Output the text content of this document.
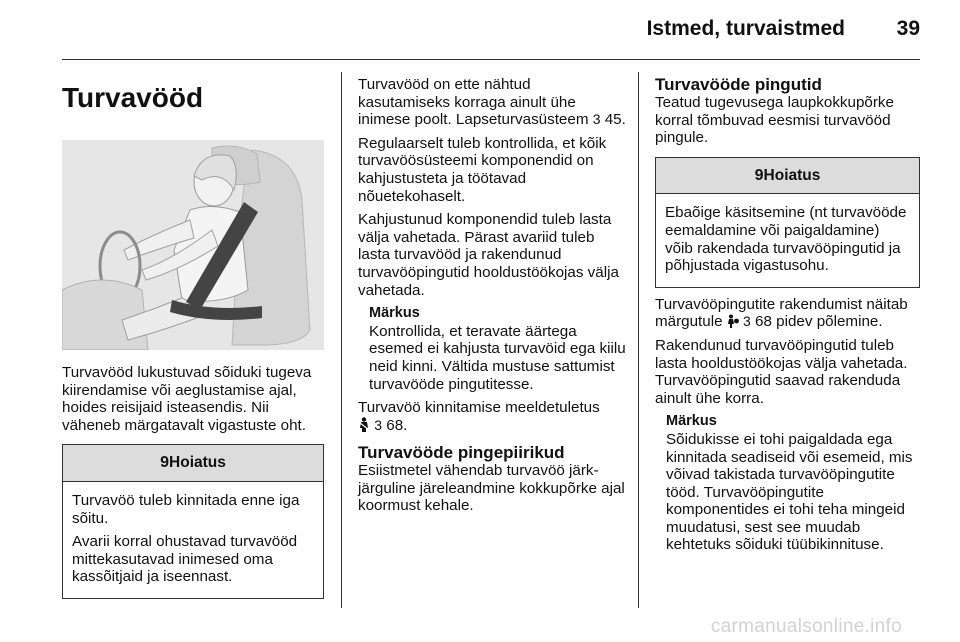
Istmed, turvaistmed 39
Turvavööd

Turvavööd lukustuvad sõiduki tugeva kiirendamise või aeglustamise ajal, hoides reisijaid isteasendis. Nii väheneb märgatavalt vigastuste oht.

9Hoiatus

Turvavöö tuleb kinnitada enne iga sõitu.

Avarii korral ohustavad turvavööd mittekasutavad inimesed oma kassõitjaid ja iseennast.

Turvavööd on ette nähtud kasutamiseks korraga ainult ühe inimese poolt. Lapseturvasüsteem 3 45.

Regulaarselt tuleb kontrollida, et kõik turvavöösüsteemi komponendid on kahjustusteta ja töötavad nõuetekohaselt.

Kahjustunud komponendid tuleb lasta välja vahetada. Pärast avariid tuleb lasta turvavööd ja rakendunud turvavööpingutid hooldustöökojas välja vahetada.

Märkus
Kontrollida, et teravate äärtega esemed ei kahjusta turvavöid ega kiilu neid kinni. Vältida mustuse sattumist turvavööde pingutitesse.

Turvavöö kinnitamise meeldetuletus
3 68.

Turvavööde pingepiirikud

Esiistmetel vähendab turvavöö järk-järguline järeleandmine kokkupõrke ajal koormust kehale.

Turvavööde pingutid

Teatud tugevusega laupkokkupõrke korral tõmbuvad eesmisi turvavööd pingule.

9Hoiatus

Ebaõige käsitsemine (nt turvavööde eemaldamine või paigaldamine) võib rakendada turvavööpingutid ja põhjustada vigastusohu.

Turvavööpingutite rakendumist näitab märgutule 3 68 pidev põlemine.

Rakendunud turvavööpingutid tuleb lasta hooldustöökojas välja vahetada. Turvavööpingutid saavad rakenduda ainult ühe korra.

Märkus
Sõidukisse ei tohi paigaldada ega kinnitada seadiseid või esemeid, mis võivad takistada turvavööpingutite tööd. Turvavööpingutite komponentides ei tohi teha mingeid muudatusi, sest see muudab kehtetuks sõiduki tüübikinnituse.
carmanualsonline.info
